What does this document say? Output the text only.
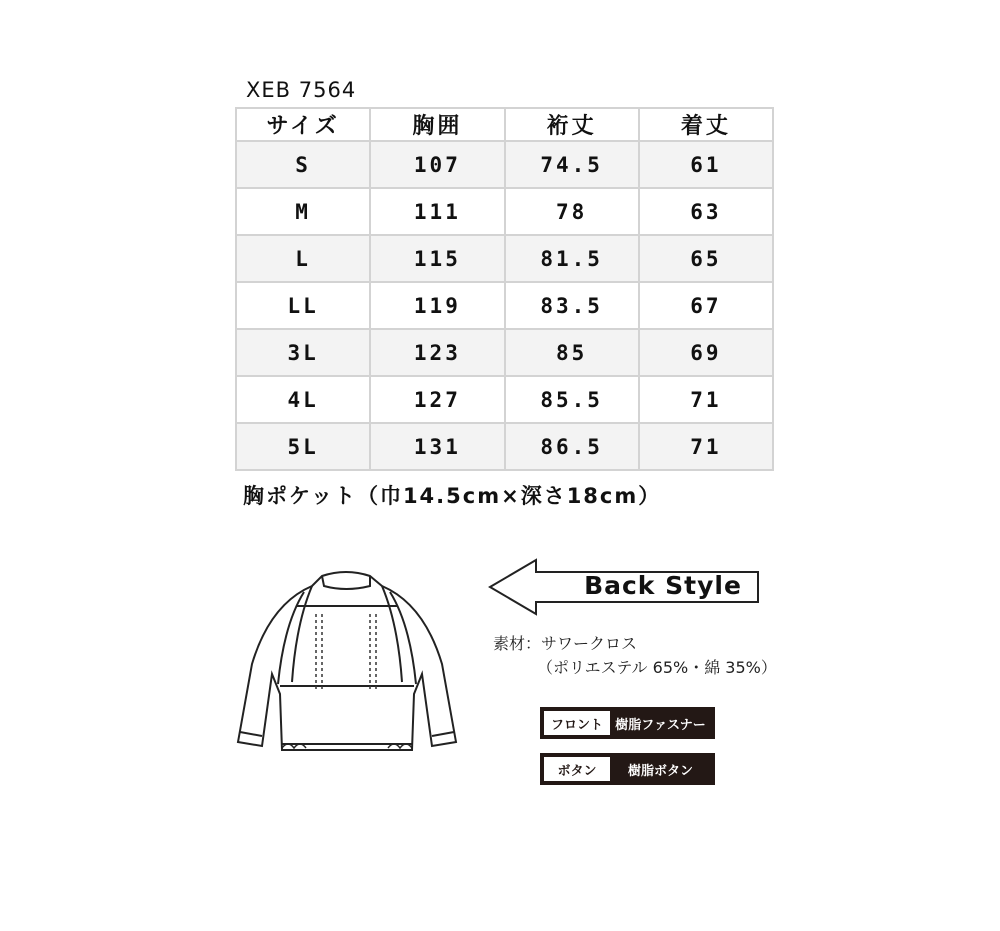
XEB 7564
サイズ	胸囲	裄丈	着丈
S	107	74.5	61
M	111	78	63
L	115	81.5	65
LL	119	83.5	67
3L	123	85	69
4L	127	85.5	71
5L	131	86.5	71
胸ポケット（巾14.5cm×深さ18cm）
Back Style
素材：サワークロス
（ポリエステル 65%・綿 35%）
フロント 樹脂ファスナー
ボタン	樹脂ボタン
